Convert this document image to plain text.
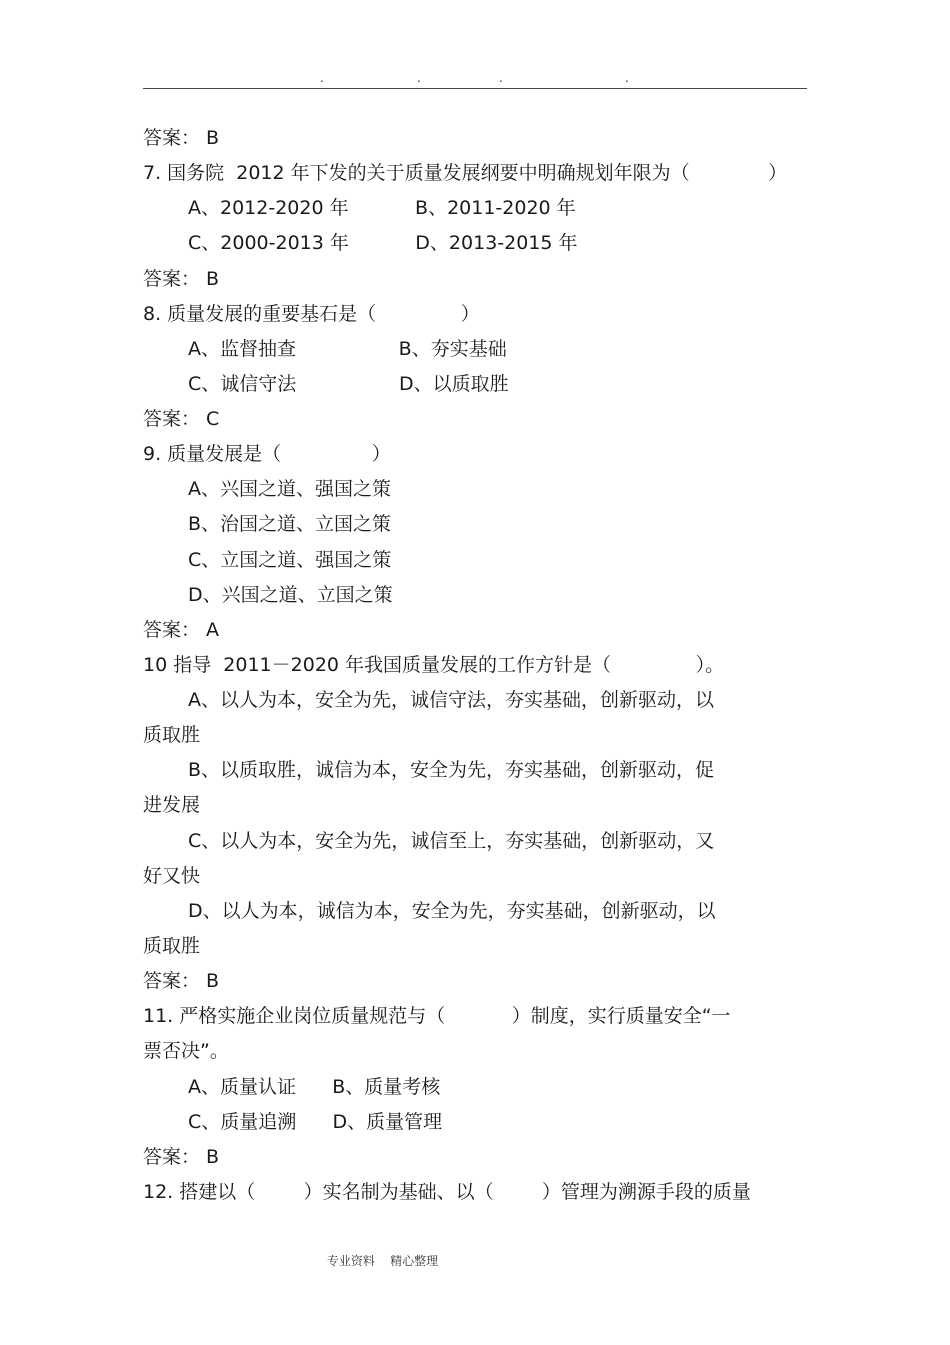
.	.	.	.
答案： B
7. 国务院  2012 年下发的关于质量发展纲要中明确规划年限为（             ）
A、2012-2020 年           B、2011-2020 年
C、2000-2013 年           D、2013-2015 年
答案： B
8. 质量发展的重要基石是（              ）
A、监督抽查                 B、夯实基础
C、诚信守法                 D、以质取胜
答案： C
9. 质量发展是（               ）
A、兴国之道、强国之策
B、治国之道、立国之策
C、立国之道、强国之策
D、兴国之道、立国之策
答案： A
10 指导  2011－2020 年我国质量发展的工作方针是（              ）。
A、以人为本，安全为先，诚信守法，夯实基础，创新驱动，以
质取胜
B、以质取胜，诚信为本，安全为先，夯实基础，创新驱动，促
进发展
C、以人为本，安全为先，诚信至上，夯实基础，创新驱动，又
好又快
D、以人为本，诚信为本，安全为先，夯实基础，创新驱动，以
质取胜
答案： B
11. 严格实施企业岗位质量规范与（           ）制度，实行质量安全“一
票否决”。
A、质量认证      B、质量考核
C、质量追溯      D、质量管理
答案： B
12. 搭建以（        ）实名制为基础、以（        ）管理为溯源手段的质量
专业资料    精心整理
